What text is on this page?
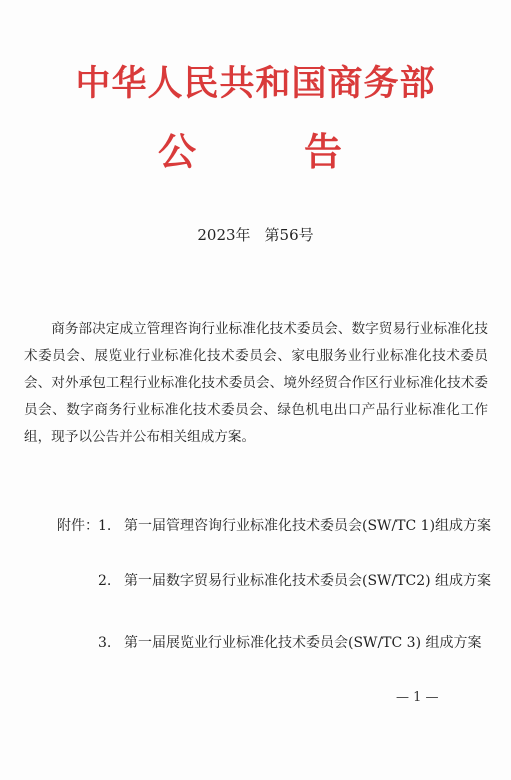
中华人民共和国商务部
公	告
2023年 第56号

商务部决定成立管理咨询行业标准化技术委员会、数字贸易行业标准化技术委员会、展览业行业标准化技术委员会、家电服务业行业标准化技术委员会、对外承包工程行业标准化技术委员会、境外经贸合作区行业标准化技术委员会、数字商务行业标准化技术委员会、绿色机电出口产品行业标准化工作组，现予以公告并公布相关组成方案。

附件： 1. 第一届管理咨询行业标准化技术委员会(SW/TC 1)组成方案
2. 第一届数字贸易行业标准化技术委员会(SW/TC2) 组成方案
3. 第一届展览业行业标准化技术委员会(SW/TC 3) 组成方案
— 1 —
